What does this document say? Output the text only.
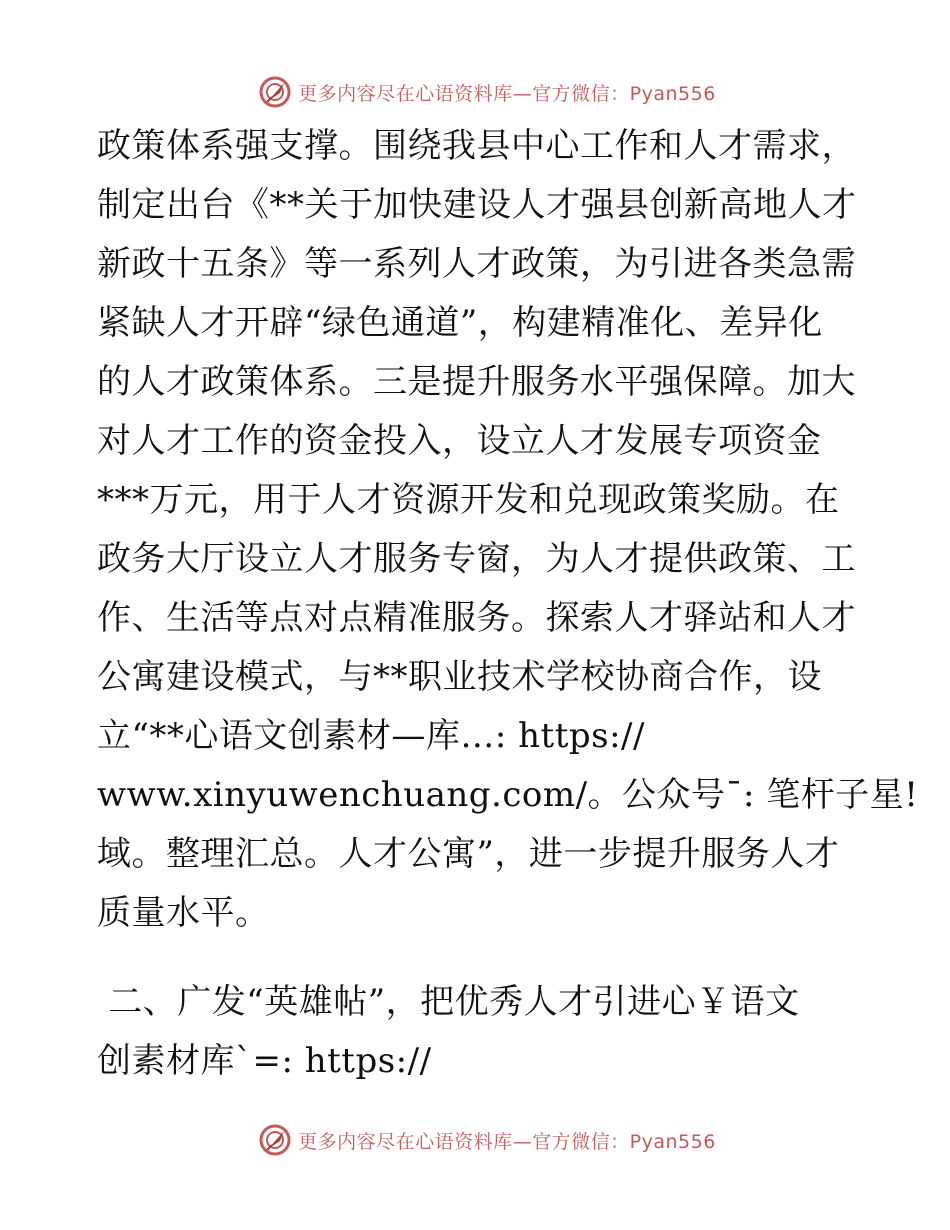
更多内容尽在心语资料库—官方微信：Pyan556
政策体系强支撑。围绕我县中心工作和人才需求，
制定出台《**关于加快建设人才强县创新高地人才
新政十五条》等一系列人才政策，为引进各类急需
紧缺人才开辟“绿色通道”，构建精准化、差异化
的人才政策体系。三是提升服务水平强保障。加大
对人才工作的资金投入，设立人才发展专项资金
***万元，用于人才资源开发和兑现政策奖励。在
政务大厅设立人才服务专窗，为人才提供政策、工
作、生活等点对点精准服务。探索人才驿站和人才
公寓建设模式，与**职业技术学校协商合作，设
立“**心语文创素材—库…: https://
www.xinyuwenchuang.com/。公众号¯: 笔杆子星!
域。整理汇总。人才公寓”，进一步提升服务人才
质量水平。
二、广发“英雄帖”，把优秀人才引进心￥语文
创素材库`=: https://
更多内容尽在心语资料库—官方微信：Pyan556
